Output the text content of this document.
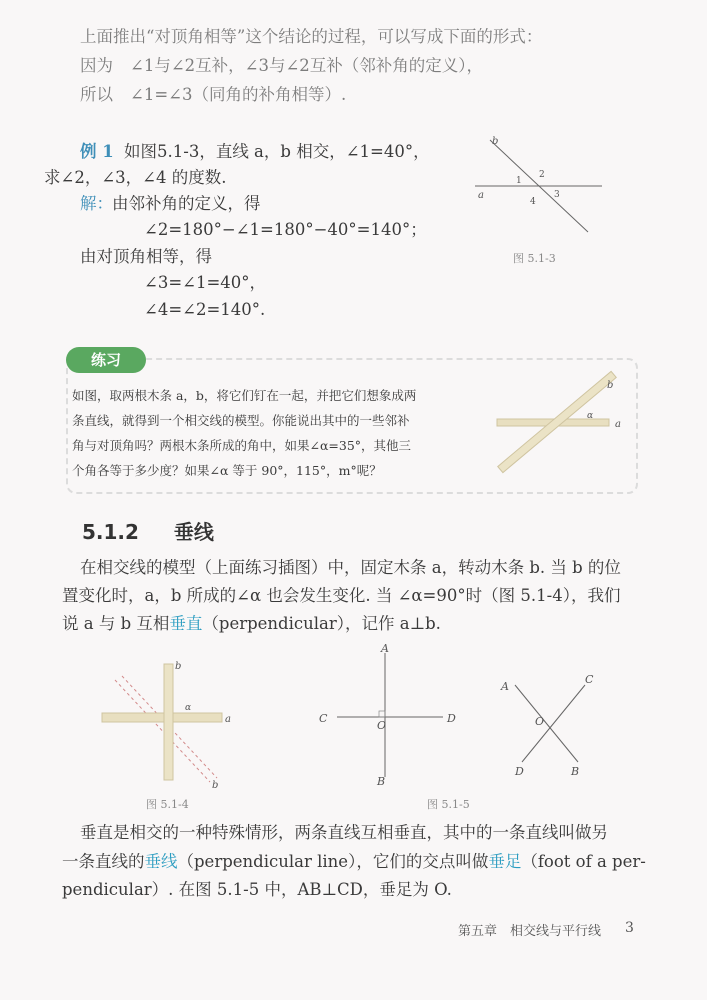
上面推出“对顶角相等”这个结论的过程，可以写成下面的形式：
因为 ∠1与∠2互补，∠3与∠2互补（邻补角的定义），
所以 ∠1=∠3（同角的补角相等）.
例 1 如图5.1-3，直线 a，b 相交，∠1=40°，
求∠2，∠3，∠4 的度数.
解： 由邻补角的定义，得
∠2=180°−∠1=180°−40°=140°；
由对顶角相等，得
∠3=∠1=40°，
∠4=∠2=140°.
a
b
1
2
3
4
图 5.1-3
练习
如图，取两根木条 a，b，将它们钉在一起，并把它们想象成两
条直线，就得到一个相交线的模型。你能说出其中的一些邻补
角与对顶角吗？两根木条所成的角中，如果∠α=35°，其他三
个角各等于多少度？如果∠α 等于 90°，115°，m°呢？
a
b
α
5.1.2 垂线
在相交线的模型（上面练习插图）中，固定木条 a，转动木条 b. 当 b 的位
置变化时，a，b 所成的∠α 也会发生变化. 当 ∠α=90°时（图 5.1-4），我们
说 a 与 b 互相垂直（perpendicular），记作 a⊥b.
a
b
α
b
图 5.1-4
A
B
C	D
O
A
C
D	B
O
图 5.1-5
垂直是相交的一种特殊情形，两条直线互相垂直，其中的一条直线叫做另
一条直线的垂线（perpendicular line），它们的交点叫做垂足（foot of a per-
pendicular）. 在图 5.1-5 中，AB⊥CD，垂足为 O.
第五章　相交线与平行线 3
